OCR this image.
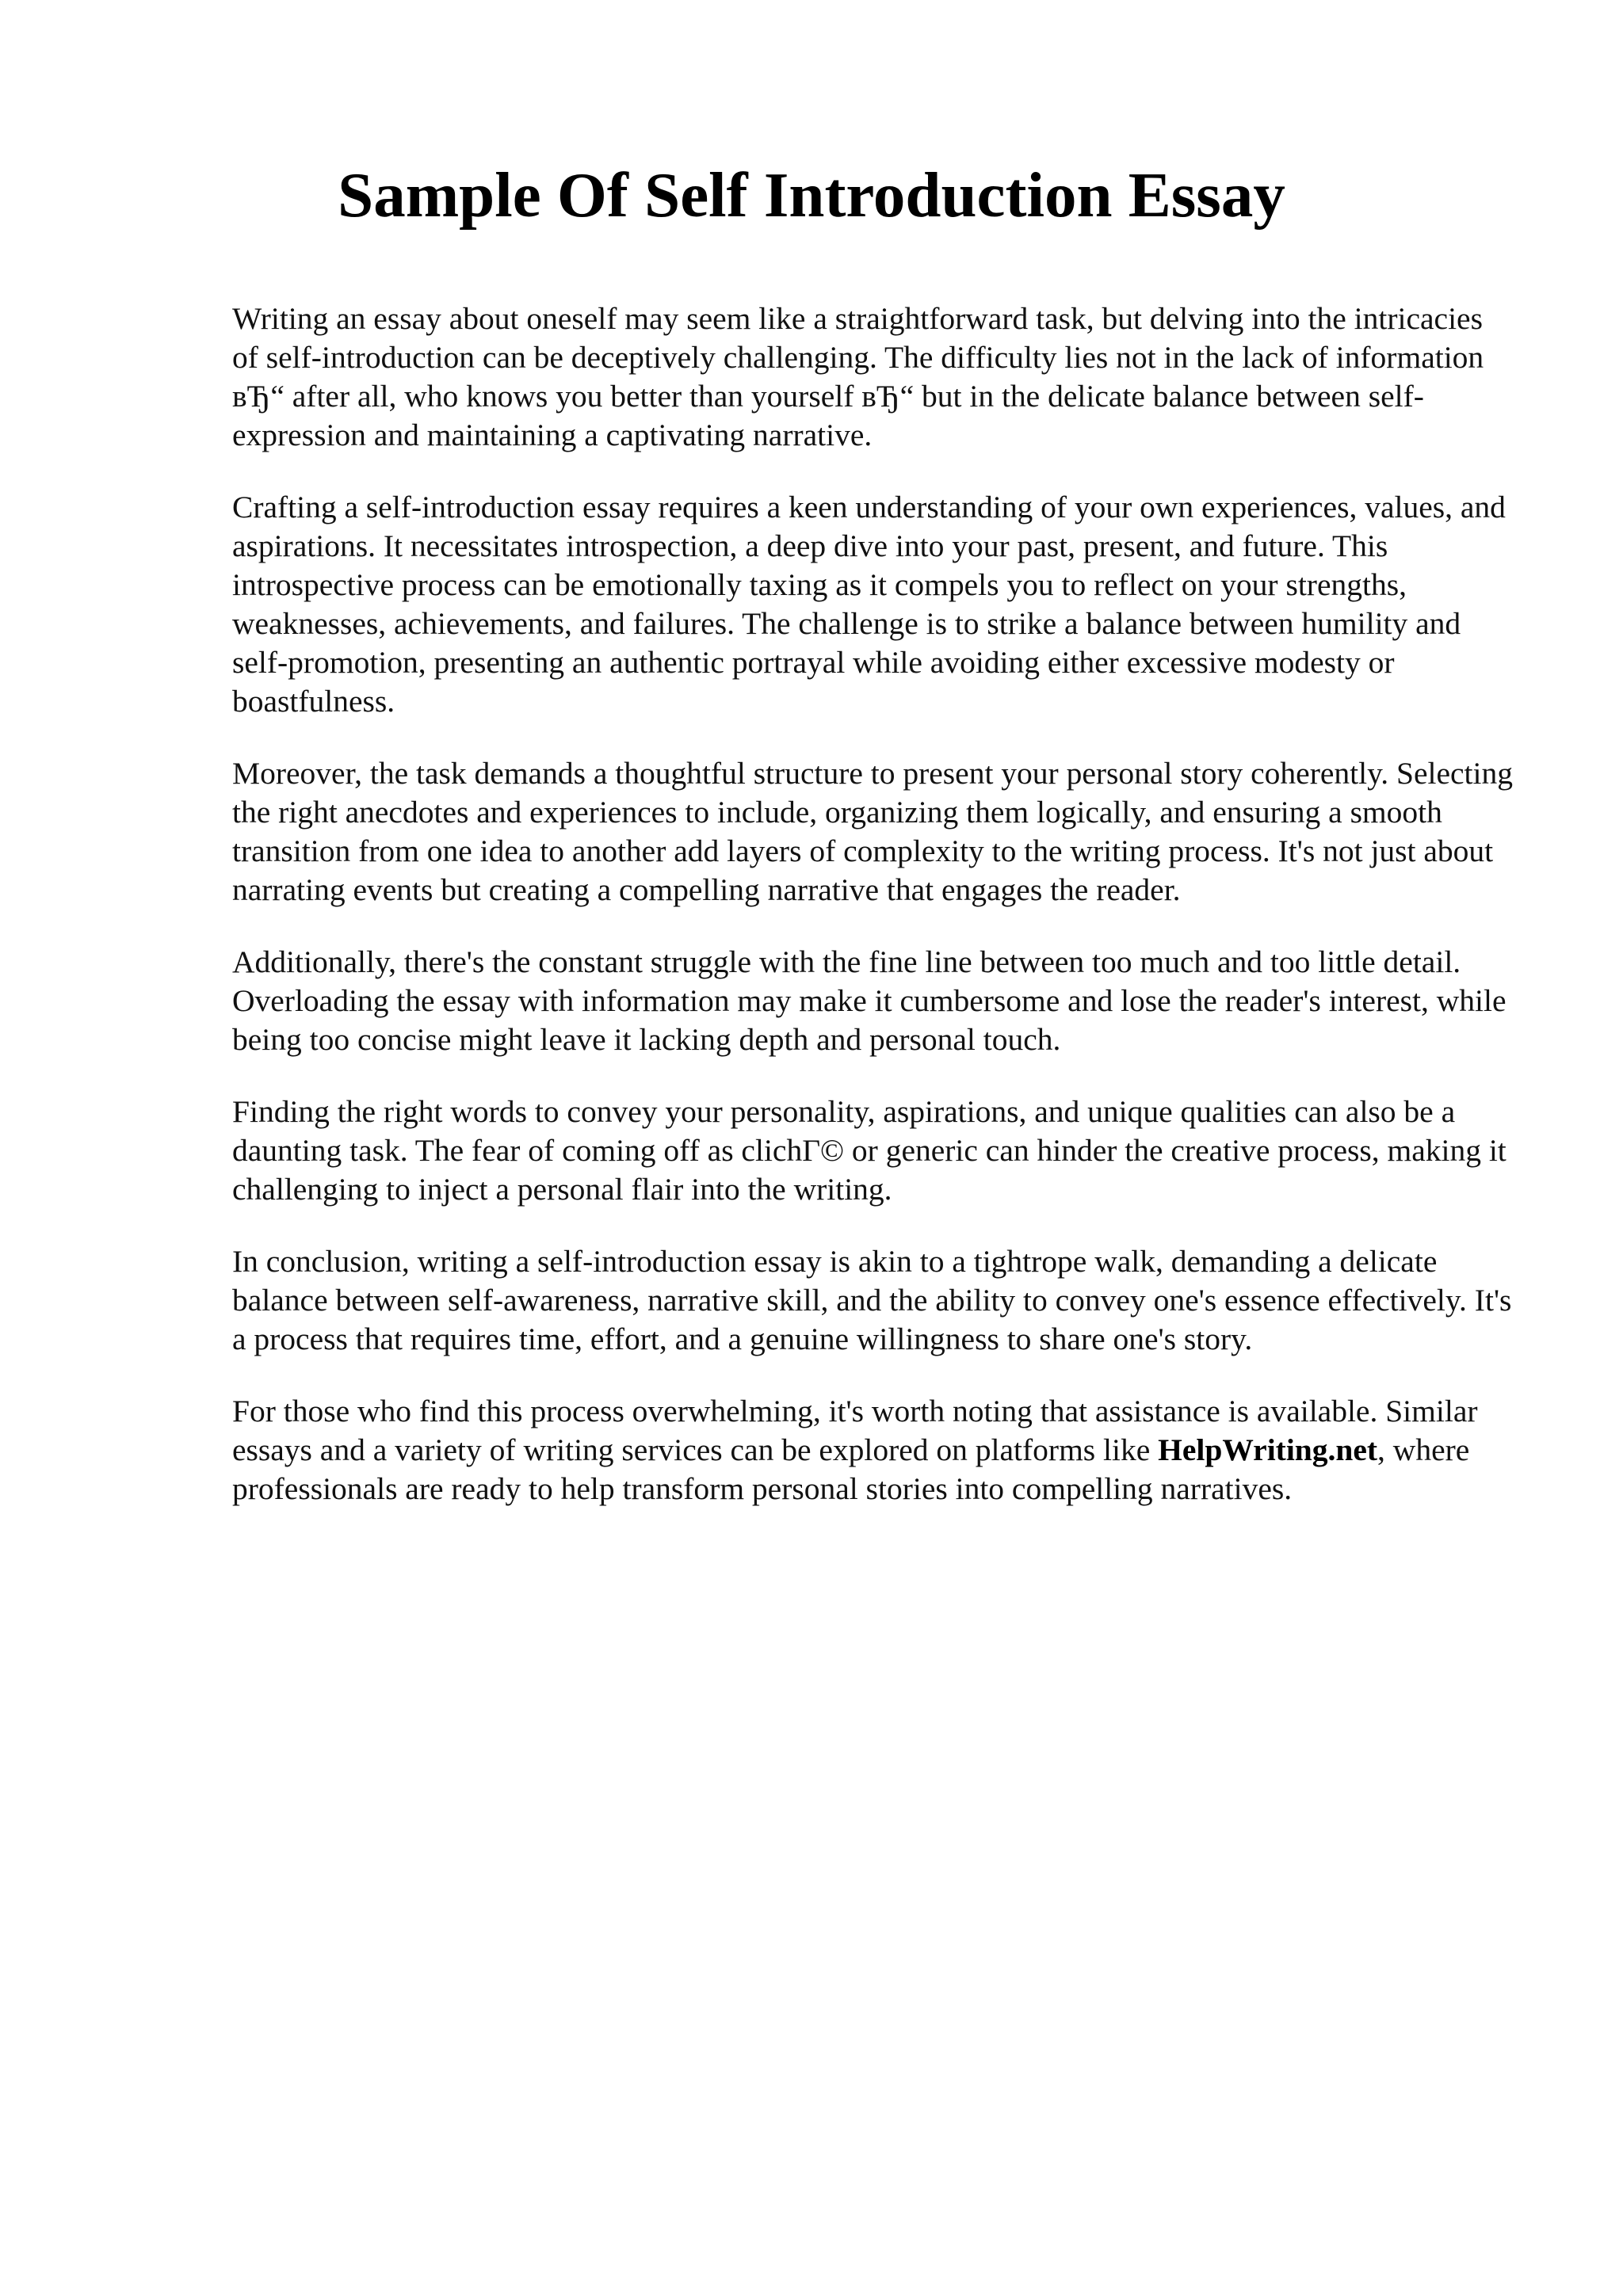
Sample Of Self Introduction Essay

Writing an essay about oneself may seem like a straightforward task, but delving into the intricacies of self-introduction can be deceptively challenging. The difficulty lies not in the lack of information вЂ“ after all, who knows you better than yourself вЂ“ but in the delicate balance between self-expression and maintaining a captivating narrative.

Crafting a self-introduction essay requires a keen understanding of your own experiences, values, and aspirations. It necessitates introspection, a deep dive into your past, present, and future. This introspective process can be emotionally taxing as it compels you to reflect on your strengths, weaknesses, achievements, and failures. The challenge is to strike a balance between humility and self-promotion, presenting an authentic portrayal while avoiding either excessive modesty or boastfulness.

Moreover, the task demands a thoughtful structure to present your personal story coherently. Selecting the right anecdotes and experiences to include, organizing them logically, and ensuring a smooth transition from one idea to another add layers of complexity to the writing process. It's not just about narrating events but creating a compelling narrative that engages the reader.

Additionally, there's the constant struggle with the fine line between too much and too little detail. Overloading the essay with information may make it cumbersome and lose the reader's interest, while being too concise might leave it lacking depth and personal touch.

Finding the right words to convey your personality, aspirations, and unique qualities can also be a daunting task. The fear of coming off as clichГ© or generic can hinder the creative process, making it challenging to inject a personal flair into the writing.

In conclusion, writing a self-introduction essay is akin to a tightrope walk, demanding a delicate balance between self-awareness, narrative skill, and the ability to convey one's essence effectively. It's a process that requires time, effort, and a genuine willingness to share one's story.

For those who find this process overwhelming, it's worth noting that assistance is available. Similar essays and a variety of writing services can be explored on platforms like HelpWriting.net, where professionals are ready to help transform personal stories into compelling narratives.
